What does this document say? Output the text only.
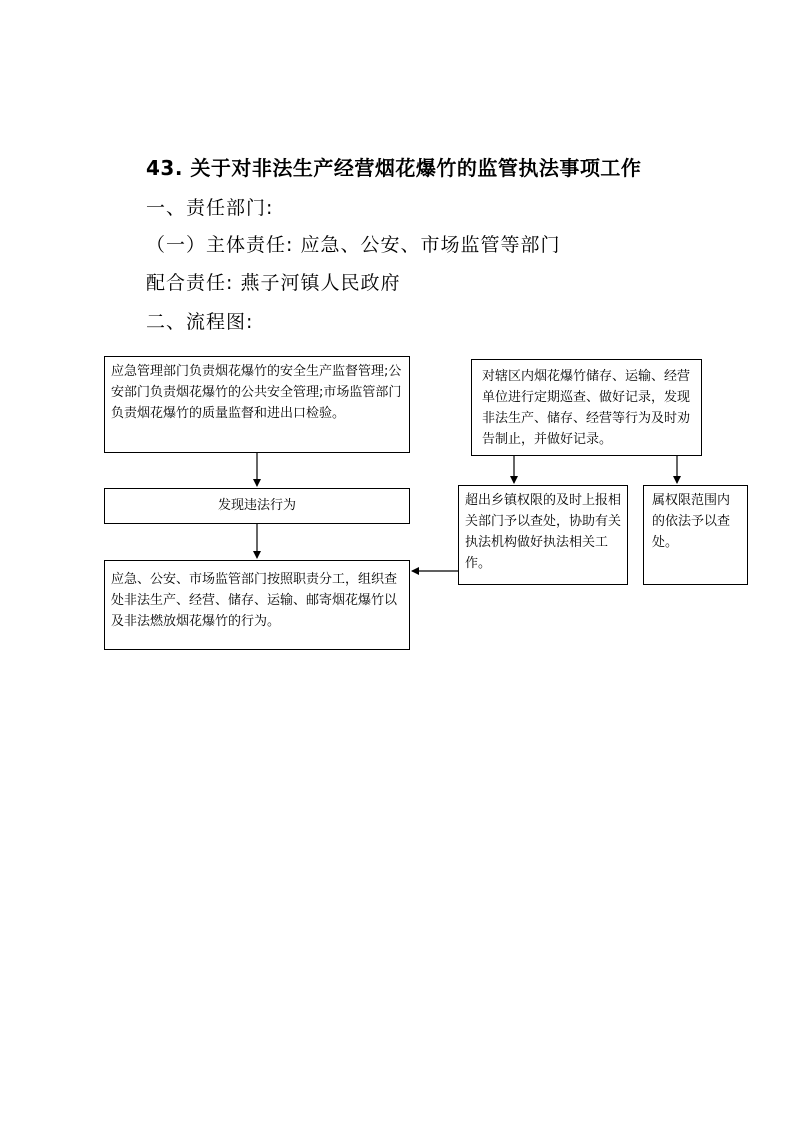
43. 关于对非法生产经营烟花爆竹的监管执法事项工作
一、责任部门:
（一）主体责任: 应急、公安、市场监管等部门
配合责任: 燕子河镇人民政府
二、流程图:
应急管理部门负责烟花爆竹的安全生产监督管理;公安部门负责烟花爆竹的公共安全管理;市场监管部门负责烟花爆竹的质量监督和进出口检验。
发现违法行为
应急、公安、市场监管部门按照职责分工，组织查处非法生产、经营、储存、运输、邮寄烟花爆竹以及非法燃放烟花爆竹的行为。
对辖区内烟花爆竹储存、运输、经营单位进行定期巡查、做好记录，发现非法生产、储存、经营等行为及时劝告制止，并做好记录。
超出乡镇权限的及时上报相关部门予以查处，协助有关执法机构做好执法相关工作。
属权限范围内的依法予以查处。
